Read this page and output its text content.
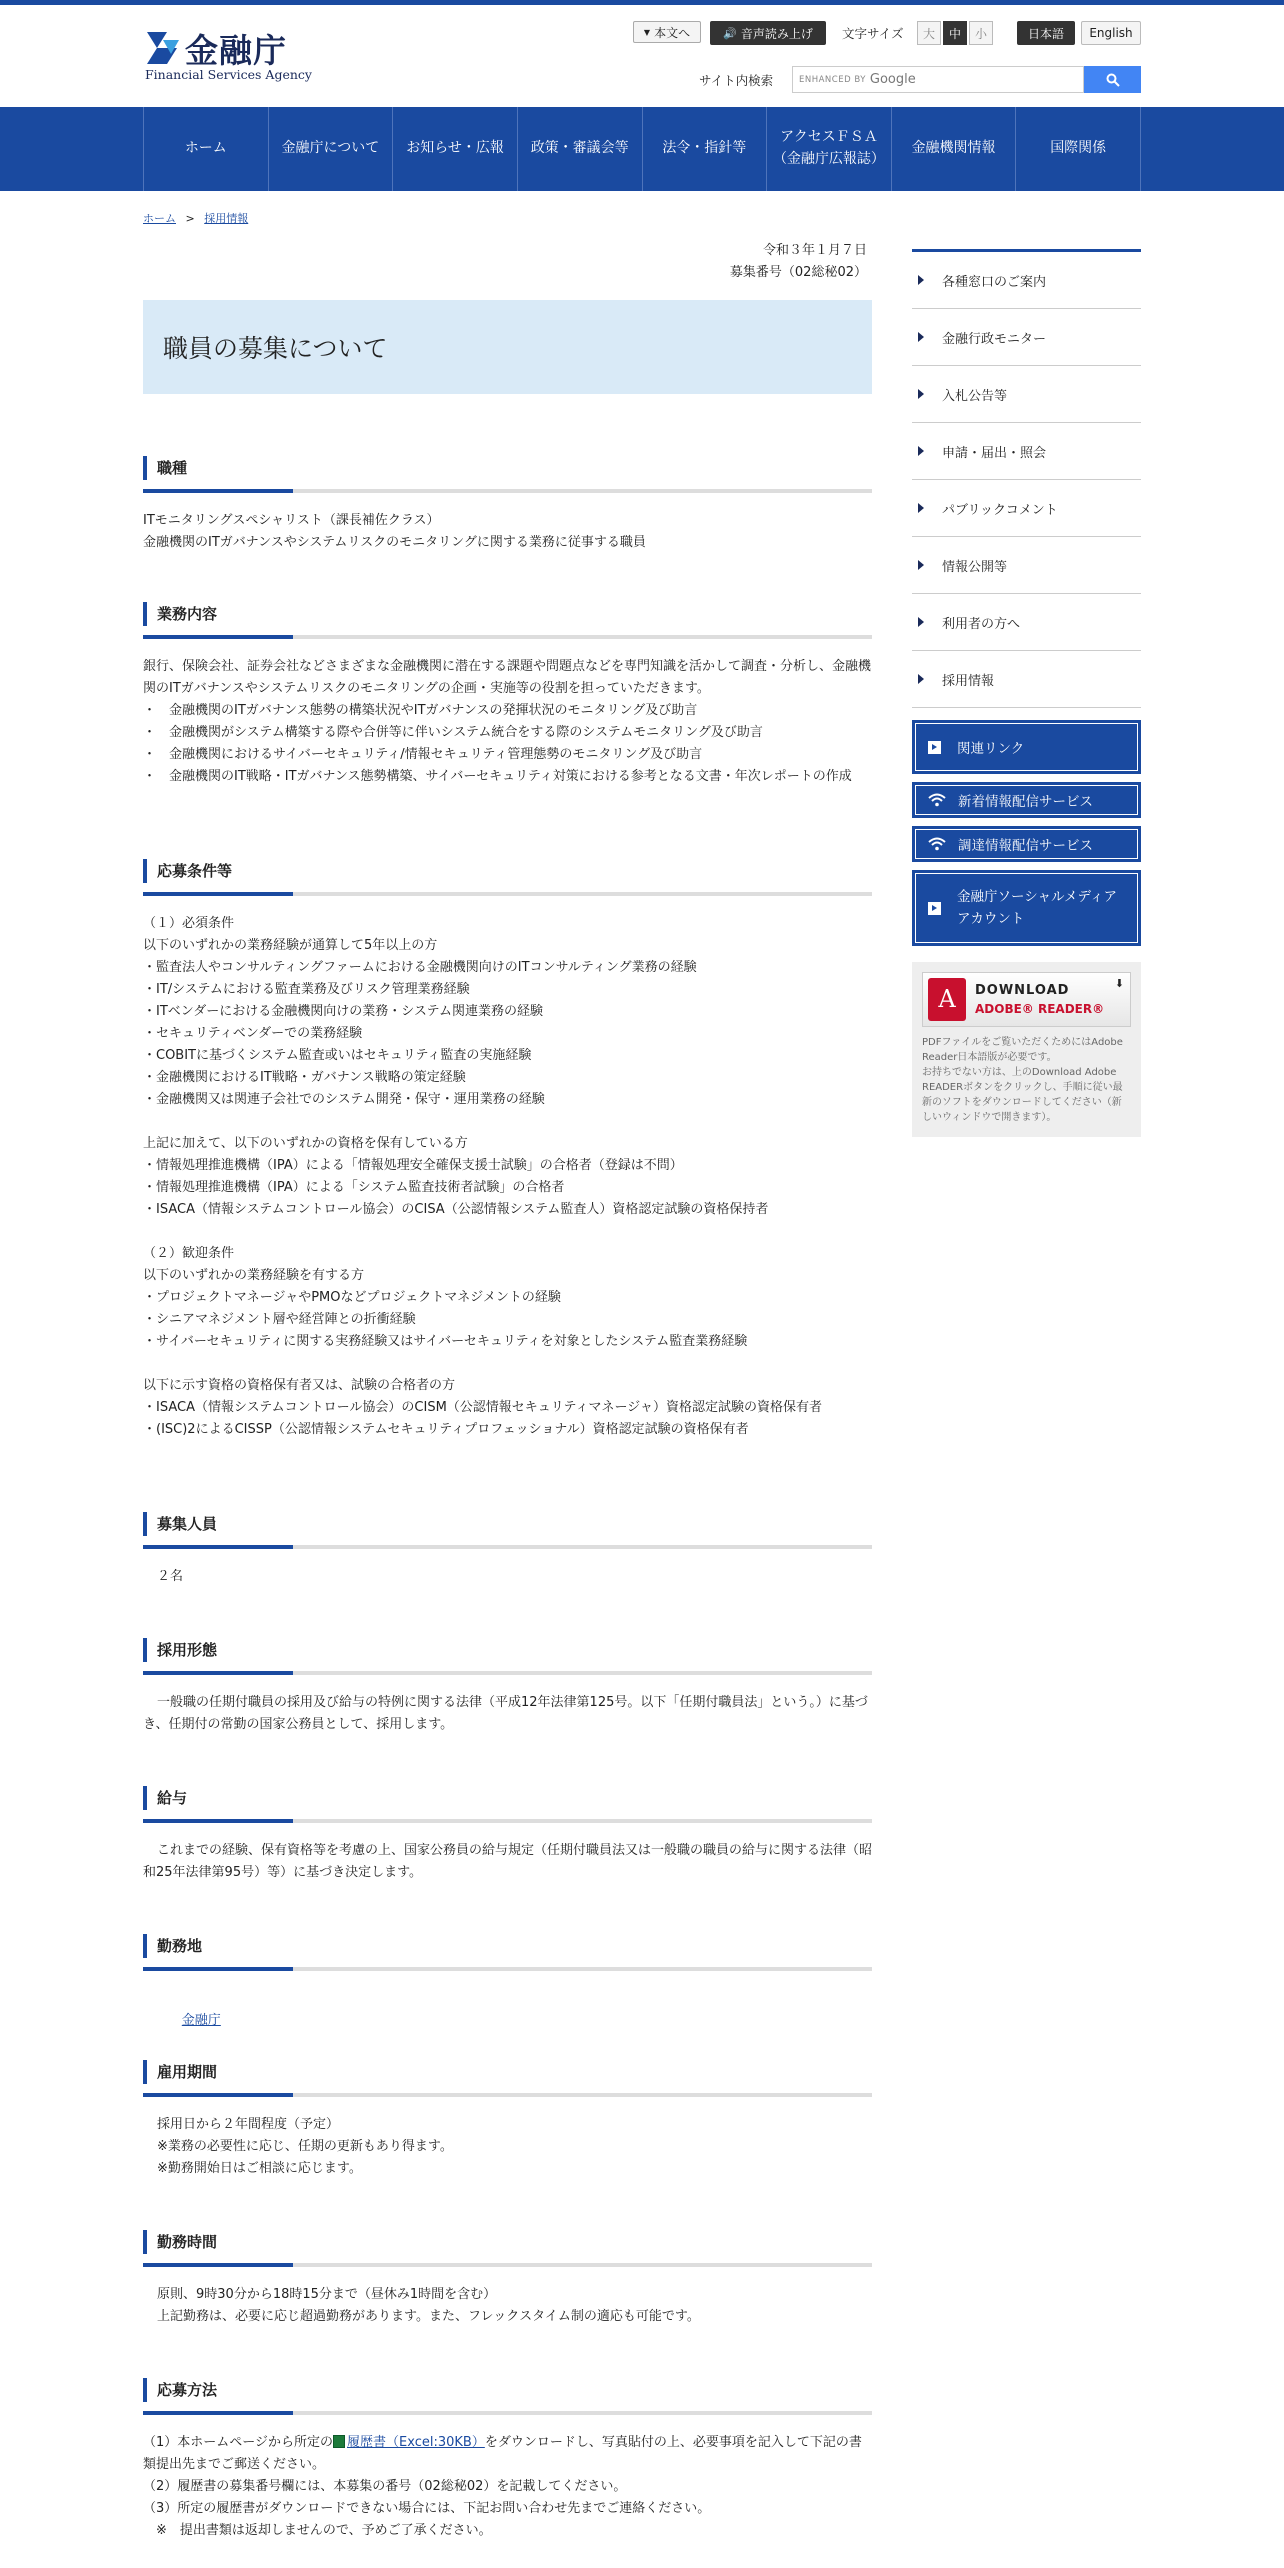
金融庁
Financial Services Agency
▼ 本文へ	🔊 音声読み上げ 文字サイズ	大	中	小	日本語	English
サイト内検索	ENHANCED BY Google
ホーム	金融庁について	お知らせ・広報	政策・審議会等	法令・指針等
アクセスＦＳＡ
（金融庁広報誌）
金融機関情報	国際関係
ホーム > 採用情報
令和３年１月７日
募集番号（02総秘02）
職員の募集について
職種
ITモニタリングスペシャリスト（課長補佐クラス）
金融機関のITガバナンスやシステムリスクのモニタリングに関する業務に従事する職員
業務内容
銀行、保険会社、証券会社などさまざまな金融機関に潜在する課題や問題点などを専門知識を活かして調査・分析し、金融機関のITガバナンスやシステムリスクのモニタリングの企画・実施等の役割を担っていただきます。
・　金融機関のITガバナンス態勢の構築状況やITガバナンスの発揮状況のモニタリング及び助言
・　金融機関がシステム構築する際や合併等に伴いシステム統合をする際のシステムモニタリング及び助言
・　金融機関におけるサイバーセキュリティ/情報セキュリティ管理態勢のモニタリング及び助言
・　金融機関のIT戦略・ITガバナンス態勢構築、サイバーセキュリティ対策における参考となる文書・年次レポートの作成
応募条件等
（１）必須条件
以下のいずれかの業務経験が通算して5年以上の方
・監査法人やコンサルティングファームにおける金融機関向けのITコンサルティング業務の経験
・IT/システムにおける監査業務及びリスク管理業務経験
・ITベンダーにおける金融機関向けの業務・システム関連業務の経験
・セキュリティベンダーでの業務経験
・COBITに基づくシステム監査或いはセキュリティ監査の実施経験
・金融機関におけるIT戦略・ガバナンス戦略の策定経験
・金融機関又は関連子会社でのシステム開発・保守・運用業務の経験

上記に加えて、以下のいずれかの資格を保有している方
・情報処理推進機構（IPA）による「情報処理安全確保支援士試験」の合格者（登録は不問）
・情報処理推進機構（IPA）による「システム監査技術者試験」の合格者
・ISACA（情報システムコントロール協会）のCISA（公認情報システム監査人）資格認定試験の資格保持者

（２）歓迎条件
以下のいずれかの業務経験を有する方
・プロジェクトマネージャやPMOなどプロジェクトマネジメントの経験
・シニアマネジメント層や経営陣との折衝経験
・サイバーセキュリティに関する実務経験又はサイバーセキュリティを対象としたシステム監査業務経験

以下に示す資格の資格保有者又は、試験の合格者の方
・ISACA（情報システムコントロール協会）のCISM（公認情報セキュリティマネージャ）資格認定試験の資格保有者
・(ISC)2によるCISSP（公認情報システムセキュリティプロフェッショナル）資格認定試験の資格保有者
募集人員
２名
採用形態
一般職の任期付職員の採用及び給与の特例に関する法律（平成12年法律第125号。以下「任期付職員法」という。）に基づき、任期付の常勤の国家公務員として、採用します。
給与
これまでの経験、保有資格等を考慮の上、国家公務員の給与規定（任期付職員法又は一般職の職員の給与に関する法律（昭和25年法律第95号）等）に基づき決定します。
勤務地

金融庁

雇用期間
採用日から２年間程度（予定）
※業務の必要性に応じ、任期の更新もあり得ます。
※勤務開始日はご相談に応じます。
勤務時間
原則、9時30分から18時15分まで（昼休み1時間を含む）
上記勤務は、必要に応じ超過勤務があります。また、フレックスタイム制の適応も可能です。
応募方法
（1）本ホームページから所定の 履歴書（Excel:30KB）をダウンロードし、写真貼付の上、必要事項を記入して下記の書類提出先までご郵送ください。
（2）履歴書の募集番号欄には、本募集の番号（02総秘02）を記載してください。
（3）所定の履歴書がダウンロードできない場合には、下記お問い合わせ先までご連絡ください。
　※　提出書類は返却しませんので、予めご了承ください。
各種窓口のご案内
金融行政モニター
入札公告等
申請・届出・照会
パブリックコメント
情報公開等
利用者の方へ
採用情報
関連リンク
新着情報配信サービス
調達情報配信サービス
金融庁ソーシャルメディア
アカウント
A	DOWNLOAD
ADOBE® READER®
⬇
PDFファイルをご覧いただくためにはAdobe Reader日本語版が必要です。
お持ちでない方は、上のDownload Adobe READERボタンをクリックし、手順に従い最新のソフトをダウンロードしてください（新しいウィンドウで開きます）。
